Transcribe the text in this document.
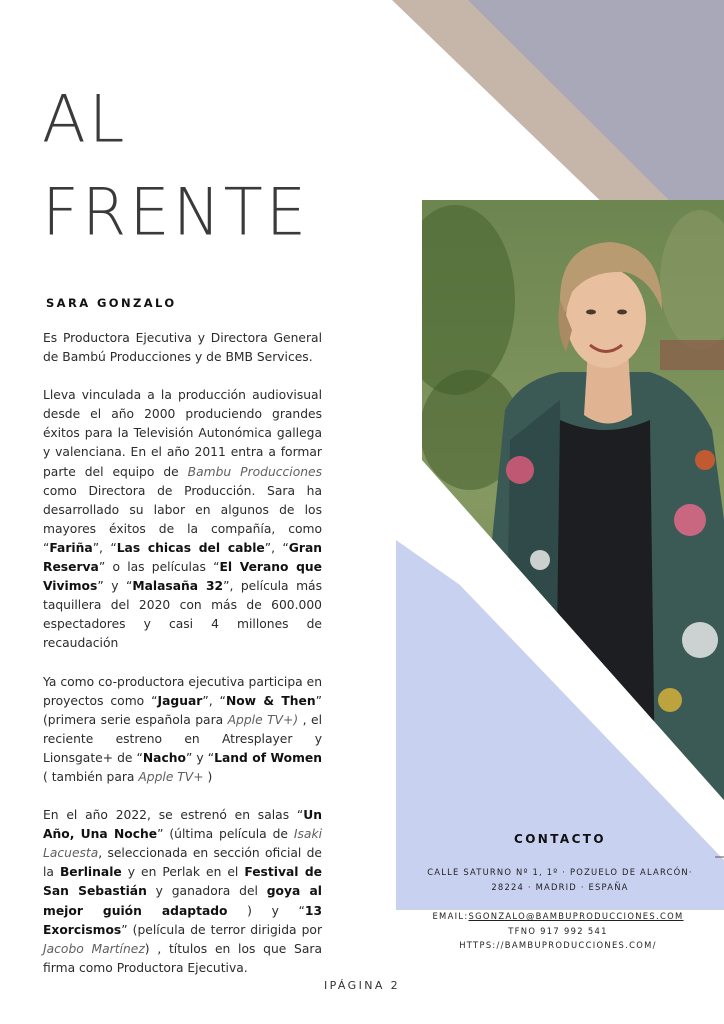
AL
FRENTE
SARA GONZALO

Es Productora Ejecutiva y Directora General de Bambú Producciones y de BMB Services.

Lleva vinculada a la producción audiovisual desde el año 2000 produciendo grandes éxitos para la Televisión Autonómica gallega y valenciana. En el año 2011 entra a formar parte del equipo de Bambu Producciones como Directora de Producción. Sara ha desarrollado su labor en algunos de los mayores éxitos de la compañía, como “Fariña”, “Las chicas del cable”, “Gran Reserva” o las películas “El Verano que Vivimos” y “Malasaña 32”, película más taquillera del 2020 con más de 600.000 espectadores y casi 4 millones de recaudación

Ya como co-productora ejecutiva participa en proyectos como “Jaguar”, “Now & Then” (primera serie española para Apple TV+) , el reciente estreno en Atresplayer y Lionsgate+ de “Nacho” y “Land of Women ( también para Apple TV+ )

En el año 2022, se estrenó en salas “Un Año, Una Noche” (última película de Isaki Lacuesta, seleccionada en sección oficial de la Berlinale y en Perlak en el Festival de San Sebastián y ganadora del goya al mejor guión adaptado ) y “13 Exorcismos” (película de terror dirigida por Jacobo Martínez) , títulos en los que Sara firma como Productora Ejecutiva.

CONTACTO
CALLE SATURNO Nº 1, 1º · POZUELO DE ALARCÓN·
28224 · MADRID · ESPAÑA
EMAIL:SGONZALO@BAMBUPRODUCCIONES.COM
TFNO 917 992 541
HTTPS://BAMBUPRODUCCIONES.COM/
IPÁGINA 2
